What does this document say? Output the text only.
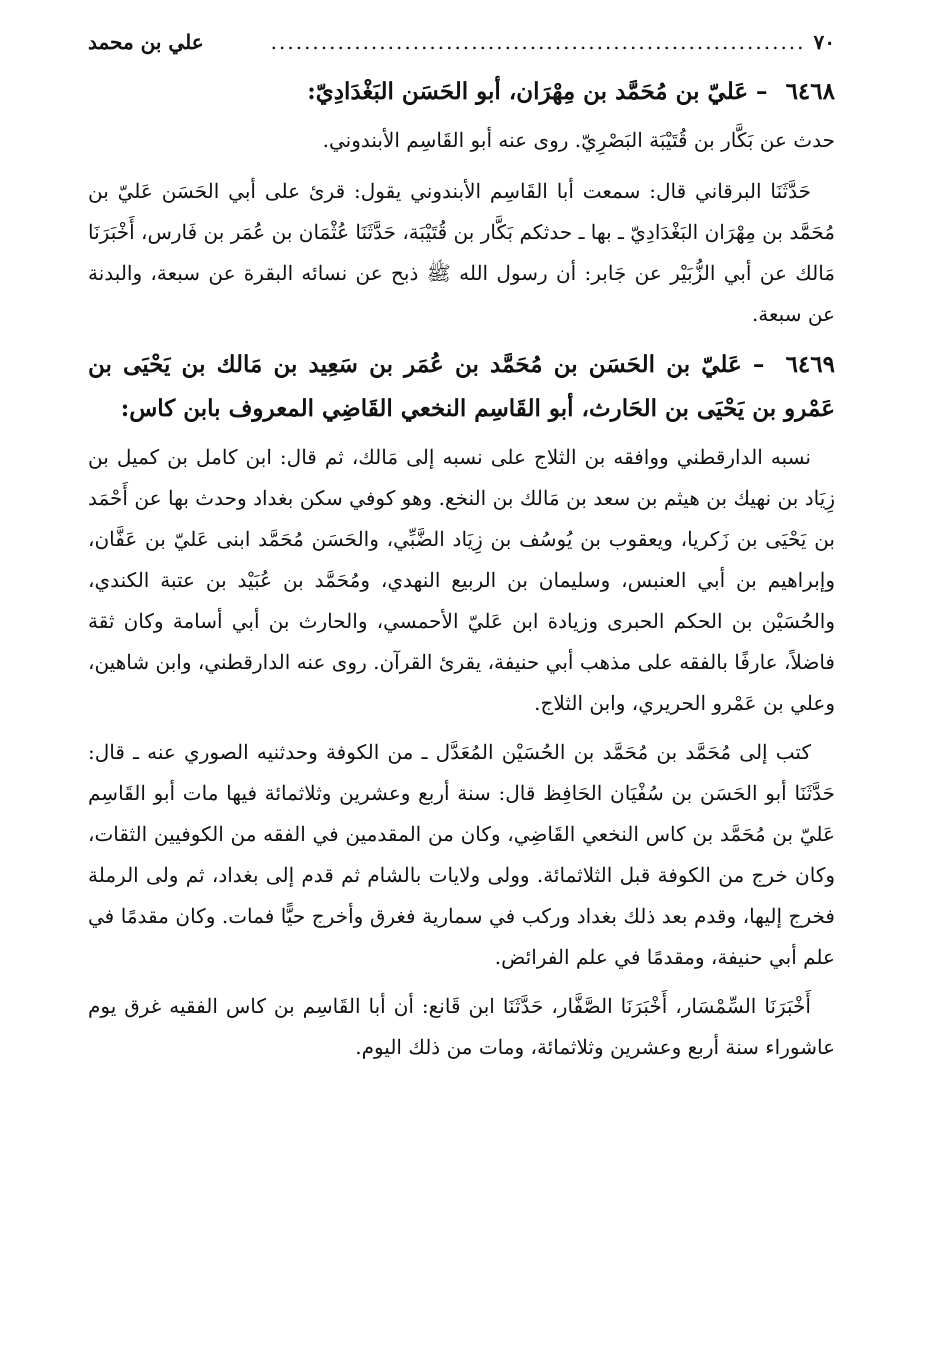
٧٠
................................................................
علي بن محمد
٦٤٦٨ – عَليّ بن مُحَمَّد بن مِهْرَان، أبو الحَسَن البَغْدَادِيّ:

حدث عن بَكَّار بن قُتَيْبَة البَصْرِيّ. روى عنه أبو القَاسِم الأبندوني.

حَدَّثَنَا البرقاني قال: سمعت أبا القَاسِم الأبندوني يقول: قرئ على أبي الحَسَن عَليّ بن مُحَمَّد بن مِهْرَان البَغْدَادِيّ ـ بها ـ حدثكم بَكَّار بن قُتَيْبَة، حَدَّثَنَا عُثْمَان بن عُمَر بن فَارس، أَخْبَرَنَا مَالك عن أبي الزُّبَيْر عن جَابر: أن رسول الله ﷺ ذبح عن نسائه البقرة عن سبعة، والبدنة عن سبعة.

٦٤٦٩ – عَليّ بن الحَسَن بن مُحَمَّد بن عُمَر بن سَعِيد بن مَالك بن يَحْيَى بن عَمْرو بن يَحْيَى بن الحَارث، أبو القَاسِم النخعي القَاضِي المعروف بابن كاس:

نسبه الدارقطني ووافقه بن الثلاج على نسبه إلى مَالك، ثم قال: ابن كامل بن كميل بن زِيَاد بن نهيك بن هيثم بن سعد بن مَالك بن النخع. وهو كوفي سكن بغداد وحدث بها عن أَحْمَد بن يَحْيَى بن زَكريا، ويعقوب بن يُوسُف بن زِيَاد الضَّبِّي، والحَسَن مُحَمَّد ابنى عَليّ بن عَفَّان، وإبراهيم بن أبي العنبس، وسليمان بن الربيع النهدي، ومُحَمَّد بن عُبَيْد بن عتبة الكندي، والحُسَيْن بن الحكم الحبرى وزيادة ابن عَليّ الأحمسي، والحارث بن أبي أسامة وكان ثقة فاضلاً، عارفًا بالفقه على مذهب أبي حنيفة، يقرئ القرآن. روى عنه الدارقطني، وابن شاهين، وعلي بن عَمْرو الحريري، وابن الثلاج.

كتب إلى مُحَمَّد بن مُحَمَّد بن الحُسَيْن المُعَدَّل ـ من الكوفة وحدثنيه الصوري عنه ـ قال: حَدَّثَنَا أبو الحَسَن بن سُفْيَان الحَافِظ قال: سنة أربع وعشرين وثلاثمائة فيها مات أبو القَاسِم عَليّ بن مُحَمَّد بن كاس النخعي القَاضِي، وكان من المقدمين في الفقه من الكوفيين الثقات، وكان خرج من الكوفة قبل الثلاثمائة. وولى ولايات بالشام ثم قدم إلى بغداد، ثم ولى الرملة فخرج إليها، وقدم بعد ذلك بغداد وركب في سمارية فغرق وأخرج حيًّا فمات. وكان مقدمًا في علم أبي حنيفة، ومقدمًا في علم الفرائض.

أَخْبَرَنَا السِّمْسَار، أَخْبَرَنَا الصَّفَّار، حَدَّثَنَا ابن قَانع: أن أبا القَاسِم بن كاس الفقيه غرق يوم عاشوراء سنة أربع وعشرين وثلاثمائة، ومات من ذلك اليوم.
